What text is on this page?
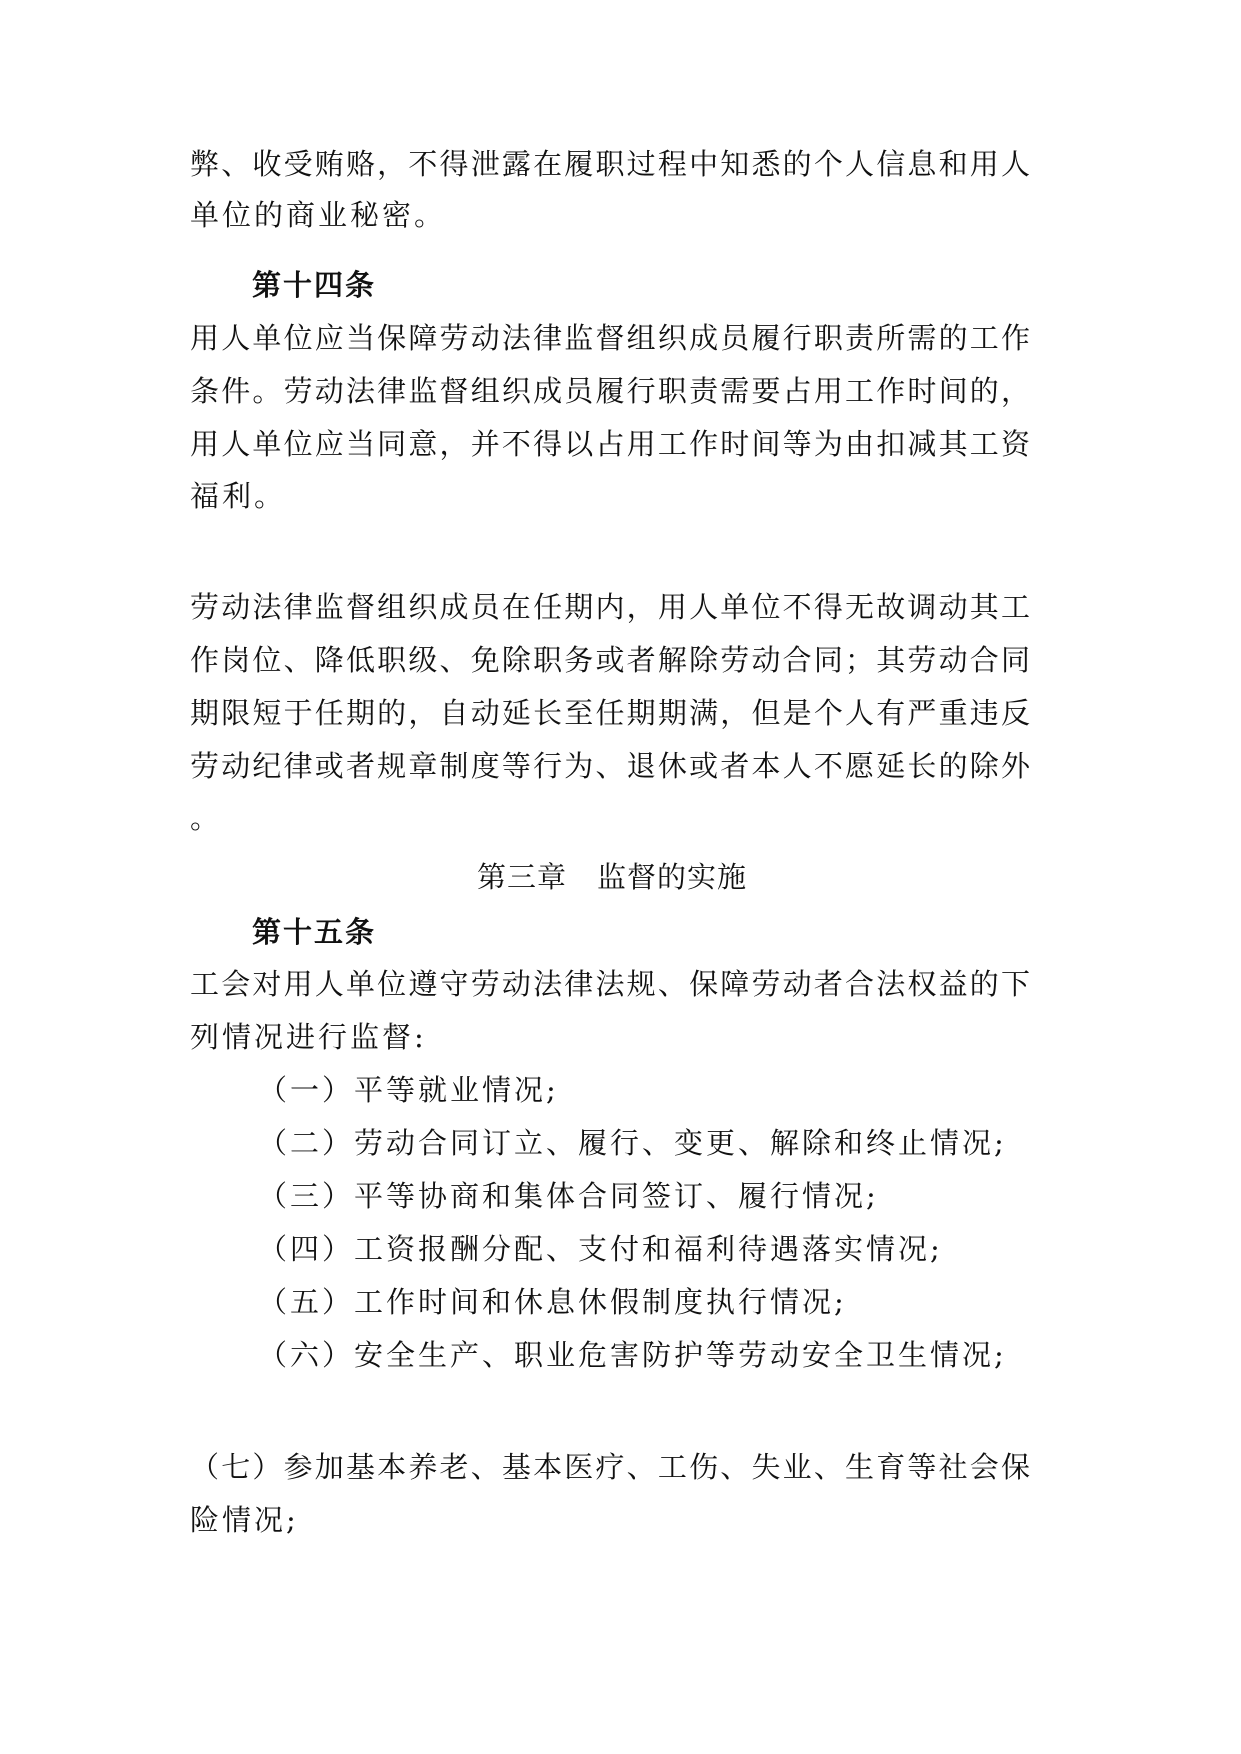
弊、收受贿赂，不得泄露在履职过程中知悉的个人信息和用人
单位的商业秘密。
第十四条
用人单位应当保障劳动法律监督组织成员履行职责所需的工作
条件。劳动法律监督组织成员履行职责需要占用工作时间的，
用人单位应当同意，并不得以占用工作时间等为由扣减其工资
福利。
劳动法律监督组织成员在任期内，用人单位不得无故调动其工
作岗位、降低职级、免除职务或者解除劳动合同；其劳动合同
期限短于任期的，自动延长至任期期满，但是个人有严重违反
劳动纪律或者规章制度等行为、退休或者本人不愿延长的除外
。
第三章　监督的实施
第十五条
工会对用人单位遵守劳动法律法规、保障劳动者合法权益的下
列情况进行监督:
（一）平等就业情况;
（二）劳动合同订立、履行、变更、解除和终止情况;
（三）平等协商和集体合同签订、履行情况;
（四）工资报酬分配、支付和福利待遇落实情况;
（五）工作时间和休息休假制度执行情况;
（六）安全生产、职业危害防护等劳动安全卫生情况;
（七）参加基本养老、基本医疗、工伤、失业、生育等社会保
险情况;
